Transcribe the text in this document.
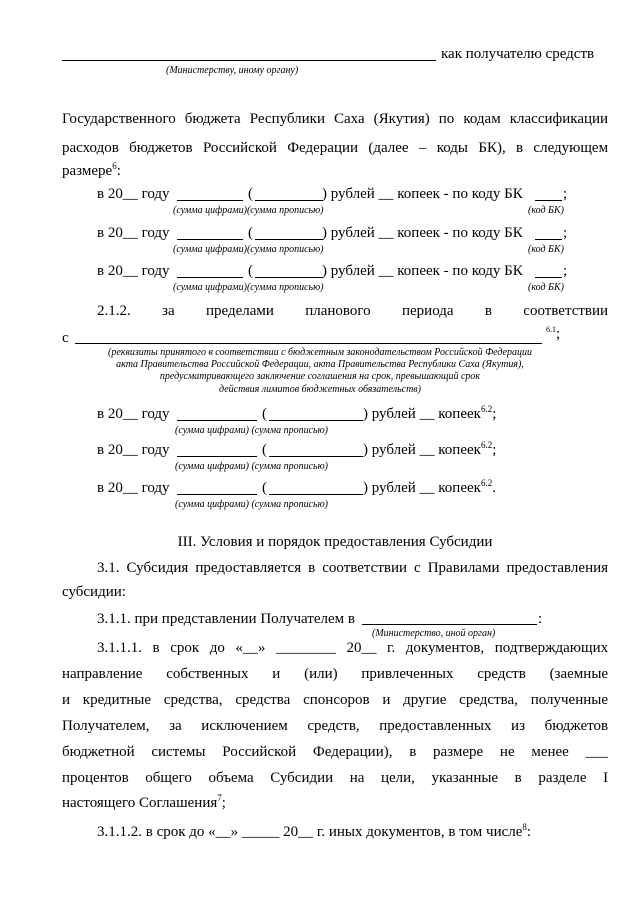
как получателю средств
(Министерству, иному органу)
Государственного бюджета Республики Саха (Якутия) по кодам классификации
расходов бюджетов Российской Федерации (далее – коды БК), в следующем
размере$^6$:
в 20__ году	(	) рублей __ копеек - по коду БК	;
(сумма цифрами)(сумма прописью)	(код БК)
в 20__ году	(	) рублей __ копеек - по коду БК	;
(сумма цифрами)(сумма прописью)	(код БК)
в 20__ году	(	) рублей __ копеек - по коду БК	;
(сумма цифрами)(сумма прописью)	(код БК)
2.1.2. за пределами планового периода в соответствии
с
$^{6.1}$;
(реквизиты принятого в соответствии с бюджетным законодательством Российской Федерации
акта Правительства Российской Федерации, акта Правительства Республики Саха (Якутия),
предусматривающего заключение соглашения на срок, превышающий срок
действия лимитов бюджетных обязательств)
в 20__ году	(	) рублей __ копеек$^{6.2}$;
(сумма цифрами) (сумма прописью)
в 20__ году	(	) рублей __ копеек$^{6.2}$;
(сумма цифрами) (сумма прописью)
в 20__ году	(	) рублей __ копеек$^{6.2}$.
(сумма цифрами) (сумма прописью)
III. Условия и порядок предоставления Субсидии
3.1. Субсидия предоставляется в соответствии с Правилами предоставления
субсидии:
3.1.1. при представлении Получателем в	:
(Министерство, иной орган)
3.1.1.1. в срок до «__» ________ 20__ г. документов, подтверждающих
направление собственных и (или) привлеченных средств (заемные
и кредитные средства, средства спонсоров и другие средства, полученные
Получателем, за исключением средств, предоставленных из бюджетов
бюджетной системы Российской Федерации), в размере не менее ___
процентов общего объема Субсидии на цели, указанные в разделе I
настоящего Соглашения$^7$;
3.1.1.2. в срок до «__» _____ 20__ г. иных документов, в том числе$^8$:
